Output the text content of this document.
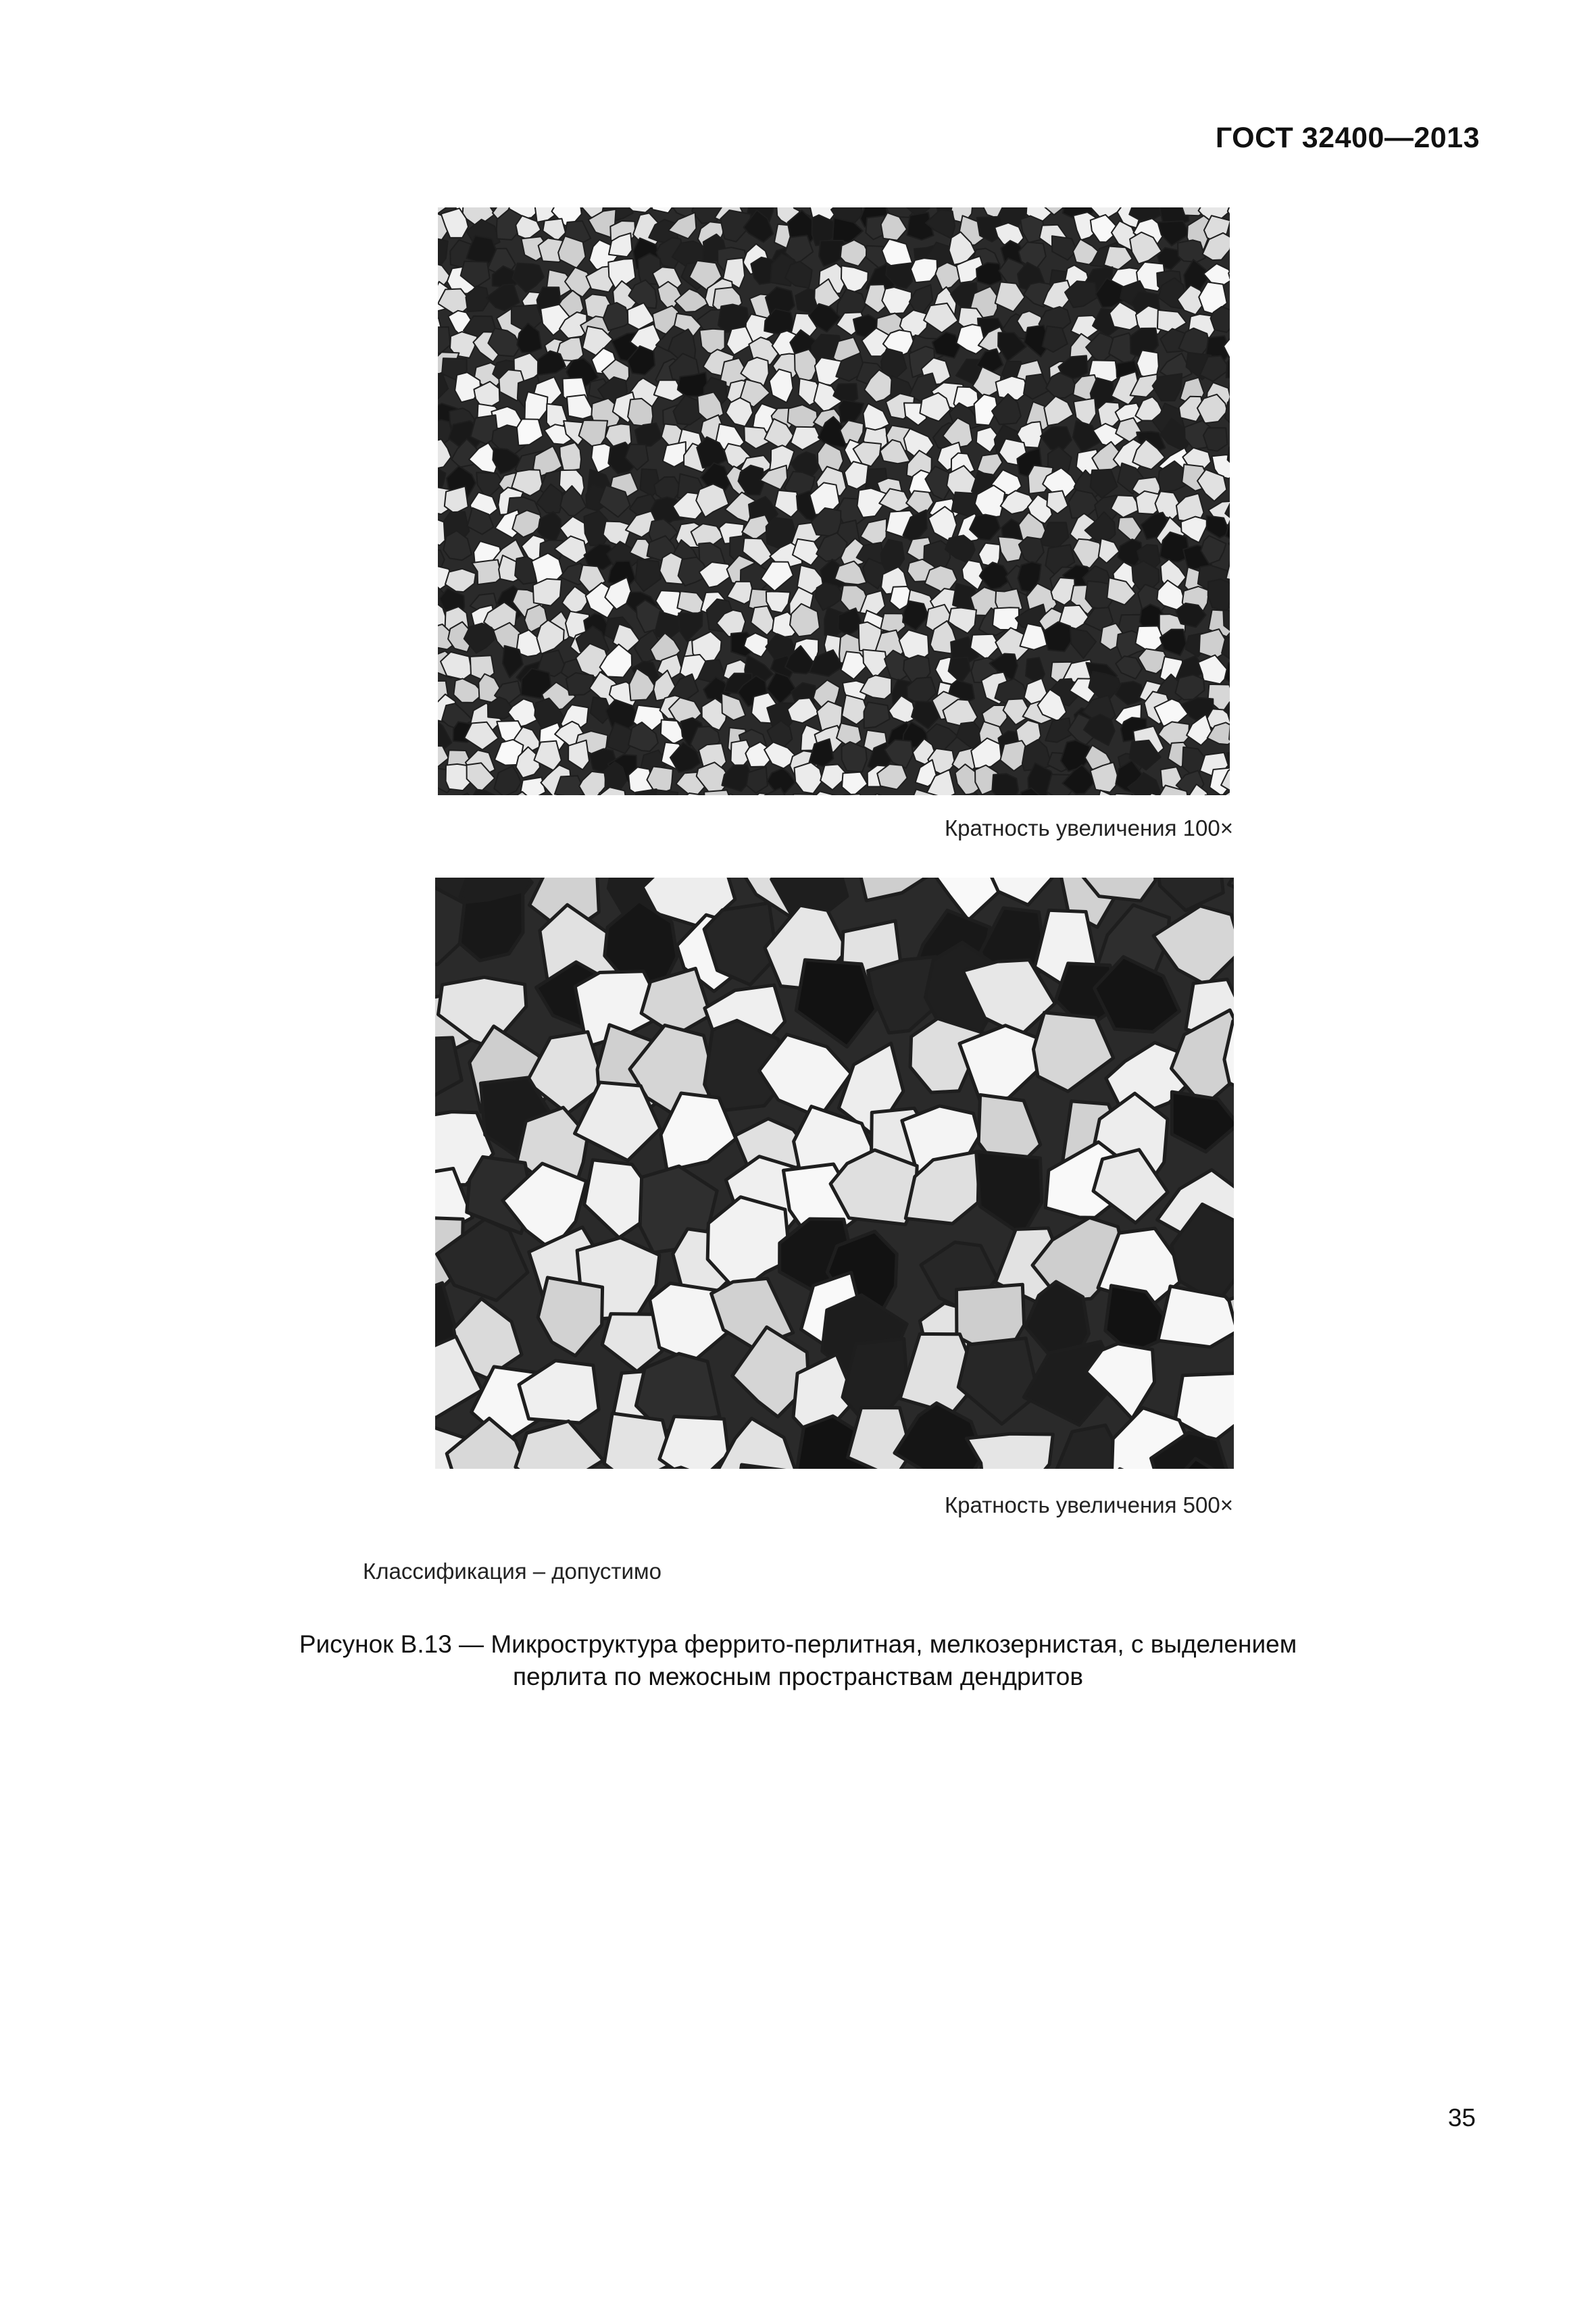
ГОСТ 32400—2013
Кратность увеличения 100×
Кратность увеличения 500×
Классификация – допустимо
Рисунок В.13 — Микроструктура феррито-перлитная, мелкозернистая, с выделением
перлита по межосным пространствам дендритов
35
